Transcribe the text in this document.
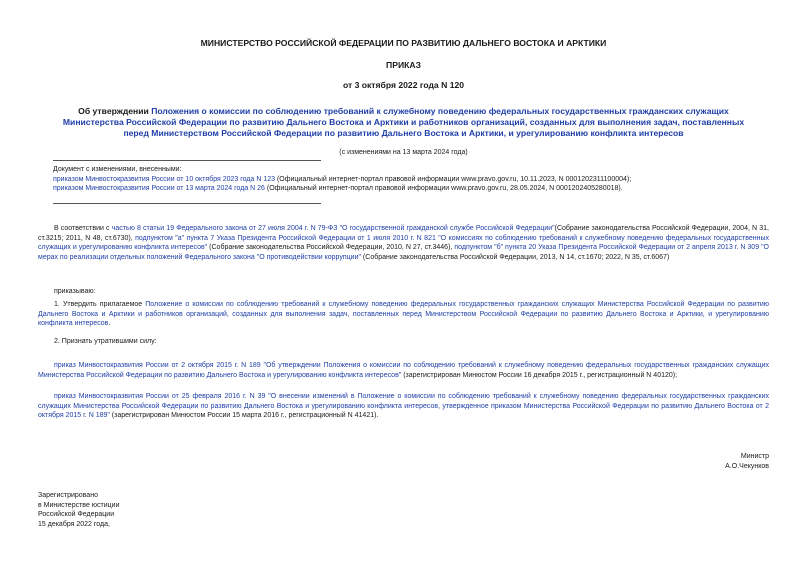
МИНИСТЕРСТВО РОССИЙСКОЙ ФЕДЕРАЦИИ ПО РАЗВИТИЮ ДАЛЬНЕГО ВОСТОКА И АРКТИКИ
ПРИКАЗ
от 3 октября 2022 года N 120
Об утверждении Положения о комиссии по соблюдению требований к служебному поведению федеральных государственных гражданских служащих Министерства Российской Федерации по развитию Дальнего Востока и Арктики и работников организаций, созданных для выполнения задач, поставленных перед Министерством Российской Федерации по развитию Дальнего Востока и Арктики, и урегулированию конфликта интересов
(с изменениями на 13 марта 2024 года)
Документ с изменениями, внесенными:
приказом Минвостокразвития России от 10 октября 2023 года N 123 (Официальный интернет-портал правовой информации www.pravo.gov.ru, 10.11.2023, N 0001202311100004);
приказом Минвостокразвития России от 13 марта 2024 года N 26 (Официальный интернет-портал правовой информации www.pravo.gov.ru, 28.05.2024, N 0001202405280018).
В соответствии с частью 8 статьи 19 Федерального закона от 27 июля 2004 г. N 79-ФЗ "О государственной гражданской службе Российской Федерации"(Собрание законодательства Российской Федерации, 2004, N 31, ст.3215; 2011, N 48, ст.6730), подпунктом "а" пункта 7 Указа Президента Российской Федерации от 1 июля 2010 г. N 821 "О комиссиях по соблюдению требований к служебному поведению федеральных государственных служащих и урегулированию конфликта интересов" (Собрание законодательства Российской Федерации, 2010, N 27, ст.3446), подпунктом "б" пункта 20 Указа Президента Российской Федерации от 2 апреля 2013 г. N 309 "О мерах по реализации отдельных положений Федерального закона "О противодействии коррупции" (Собрание законодательства Российской Федерации, 2013, N 14, ст.1670; 2022, N 35, ст.6067)
приказываю:
1. Утвердить прилагаемое Положение о комиссии по соблюдению требований к служебному поведению федеральных государственных гражданских служащих Министерства Российской Федерации по развитию Дальнего Востока и Арктики и работников организаций, созданных для выполнения задач, поставленных перед Министерством Российской Федерации по развитию Дальнего Востока и Арктики, и урегулированию конфликта интересов.
2. Признать утратившими силу:
приказ Минвостокразвития России от 2 октября 2015 г. N 189 "Об утверждении Положения о комиссии по соблюдению требований к служебному поведению федеральных государственных гражданских служащих Министерства Российской Федерации по развитию Дальнего Востока и урегулированию конфликта интересов" (зарегистрирован Минюстом России 16 декабря 2015 г., регистрационный N 40120);
приказ Минвостокразвития России от 25 февраля 2016 г. N 39 "О внесении изменений в Положение о комиссии по соблюдению требований к служебному поведению федеральных государственных гражданских служащих Министерства Российской Федерации по развитию Дальнего Востока и урегулированию конфликта интересов, утвержденное приказом Министерства Российской Федерации по развитию Дальнего Востока от 2 октября 2015 г. N 189" (зарегистрирован Минюстом России 15 марта 2016 г., регистрационный N 41421).
Министр
А.О.Чекунков
Зарегистрировано
в Министерстве юстиции
Российской Федерации
15 декабря 2022 года,
